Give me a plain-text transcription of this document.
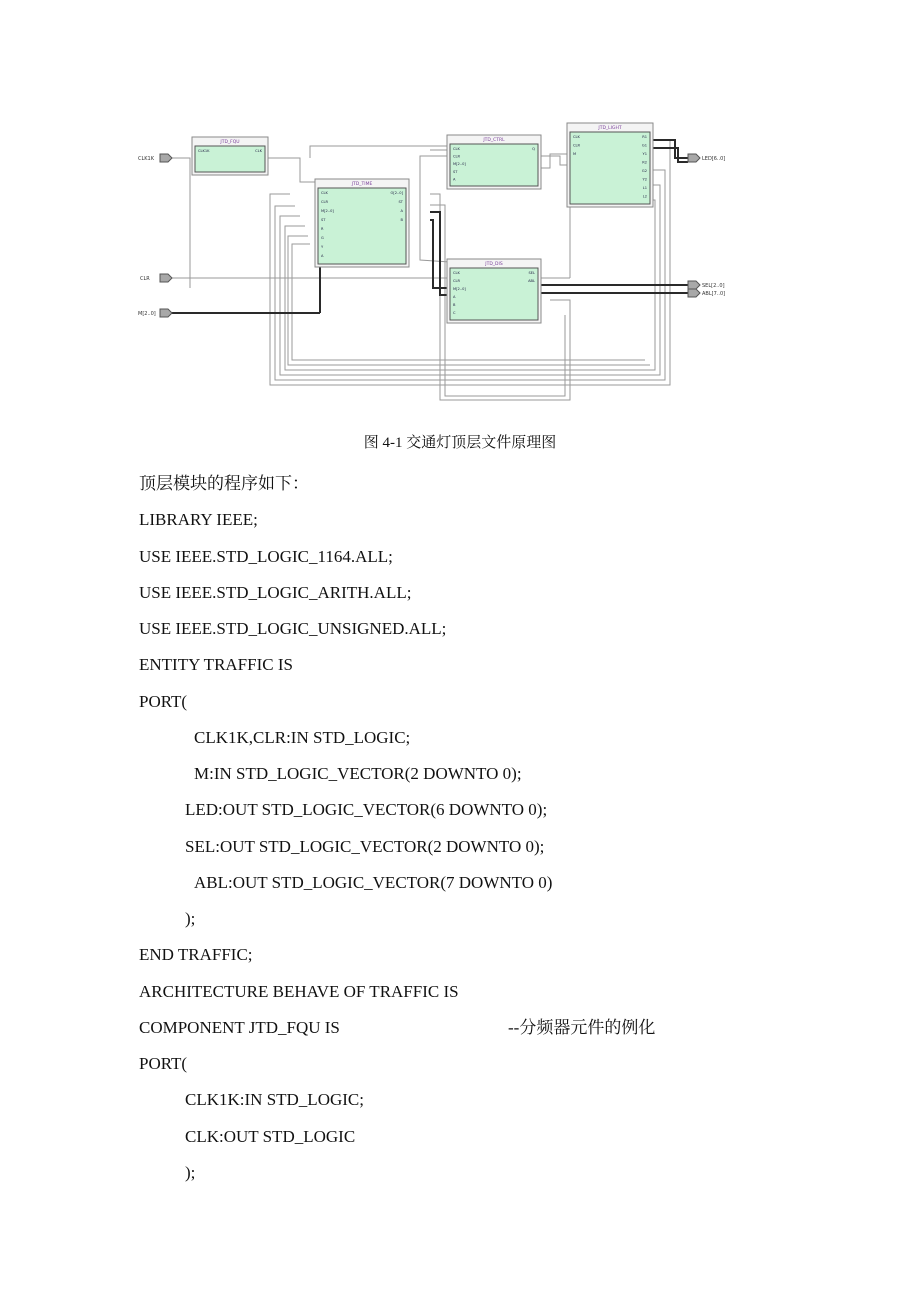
CLK1K
CLR
M[2..0]
LED[6..0]
SEL[2..0]
ABL[7..0]
JTD_FQU
CLK1K	CLK
JTD_TIME
CLK
CLR
M[2..0]
ST
R
G
Y
A
O[2..0]
ST
A
B
JTD_CTRL
CLK
CLR
M[2..0]
ST
A
Q
JTD_DIS
CLK
CLR
M[2..0]
A
B
C
SEL
ABL
JTD_LIGHT
CLK
CLR
M
R1
G1
Y1
R2
G2
Y2
L1
L2
图 4-1 交通灯顶层文件原理图
顶层模块的程序如下：
LIBRARY IEEE;
USE IEEE.STD_LOGIC_1164.ALL;
USE IEEE.STD_LOGIC_ARITH.ALL;
USE IEEE.STD_LOGIC_UNSIGNED.ALL;
ENTITY TRAFFIC IS
PORT(
CLK1K,CLR:IN STD_LOGIC;
M:IN STD_LOGIC_VECTOR(2 DOWNTO 0);
LED:OUT STD_LOGIC_VECTOR(6 DOWNTO 0);
SEL:OUT STD_LOGIC_VECTOR(2 DOWNTO 0);
ABL:OUT STD_LOGIC_VECTOR(7 DOWNTO 0)
);
END TRAFFIC;
ARCHITECTURE BEHAVE OF TRAFFIC IS
COMPONENT JTD_FQU IS	--分频器元件的例化
PORT(
CLK1K:IN STD_LOGIC;
CLK:OUT STD_LOGIC
);
